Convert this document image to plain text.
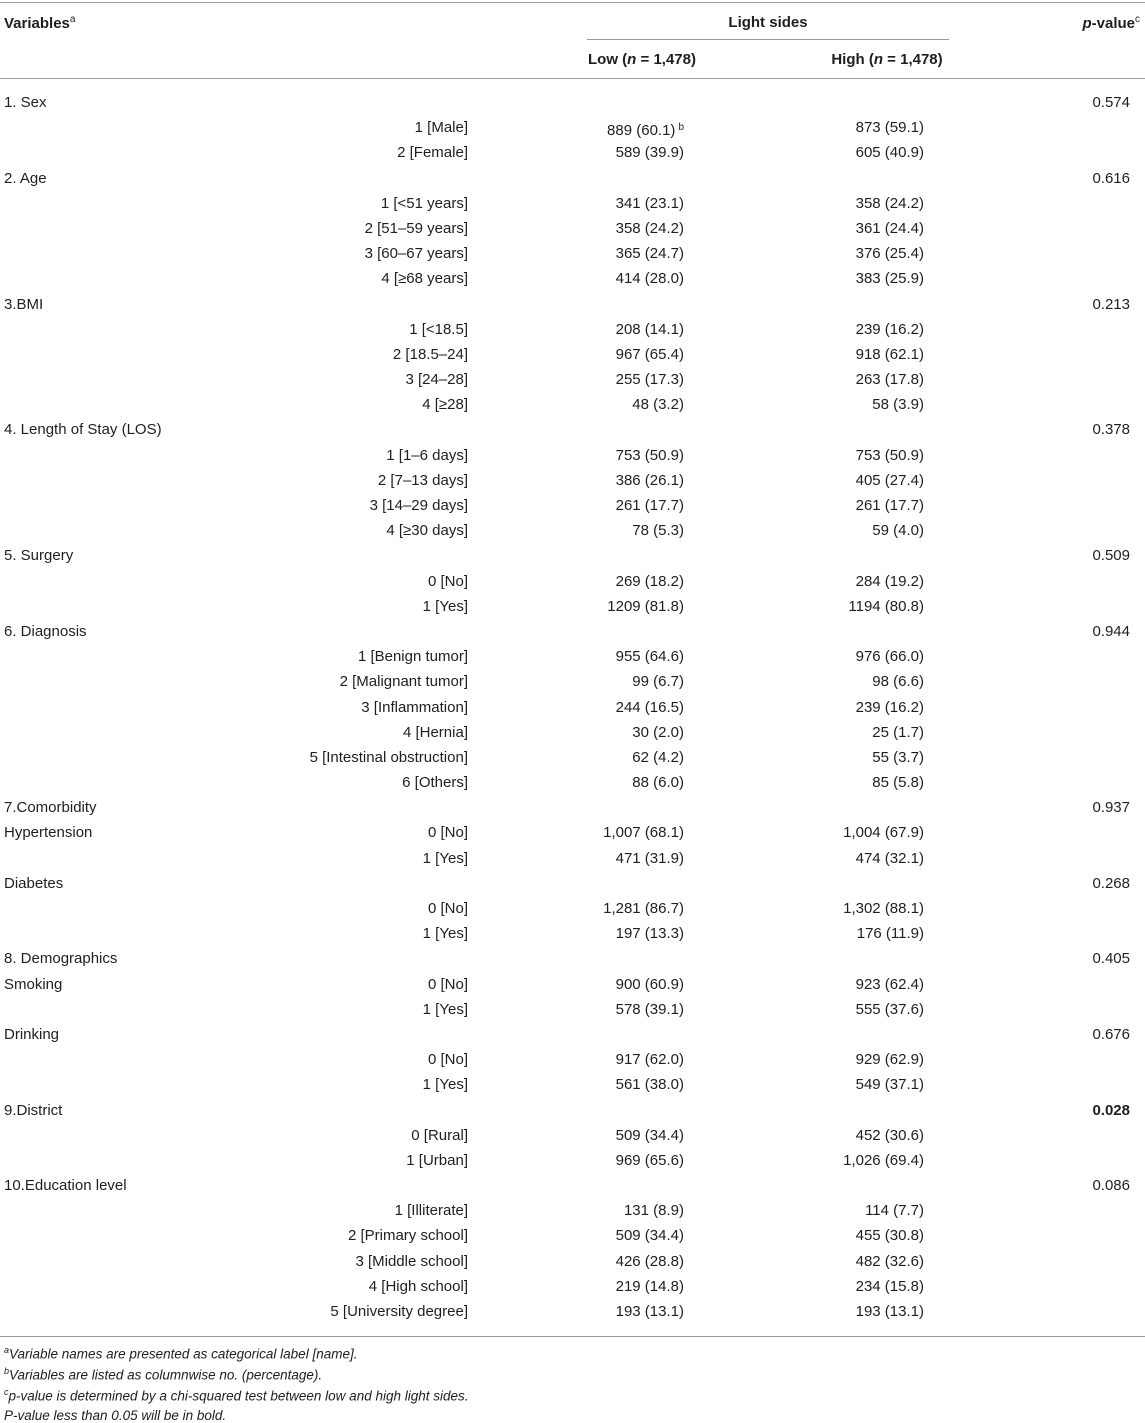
Variables$^a$	Light sides
Low (n = 1,478)	High (n = 1,478)
p-value$^c$
1. Sex	0.574
1 [Male]	889 (60.1) $^b$	873 (59.1)
2 [Female]	589 (39.9)	605 (40.9)
2. Age	0.616
1 [<51 years]	341 (23.1)	358 (24.2)
2 [51–59 years]	358 (24.2)	361 (24.4)
3 [60–67 years]	365 (24.7)	376 (25.4)
4 [≥68 years]	414 (28.0)	383 (25.9)
3.BMI	0.213
1 [<18.5]	208 (14.1)	239 (16.2)
2 [18.5–24]	967 (65.4)	918 (62.1)
3 [24–28]	255 (17.3)	263 (17.8)
4 [≥28]	48 (3.2)	58 (3.9)
4. Length of Stay (LOS)	0.378
1 [1–6 days]	753 (50.9)	753 (50.9)
2 [7–13 days]	386 (26.1)	405 (27.4)
3 [14–29 days]	261 (17.7)	261 (17.7)
4 [≥30 days]	78 (5.3)	59 (4.0)
5. Surgery	0.509
0 [No]	269 (18.2)	284 (19.2)
1 [Yes]	1209 (81.8)	1194 (80.8)
6. Diagnosis	0.944
1 [Benign tumor]	955 (64.6)	976 (66.0)
2 [Malignant tumor]	99 (6.7)	98 (6.6)
3 [Inflammation]	244 (16.5)	239 (16.2)
4 [Hernia]	30 (2.0)	25 (1.7)
5 [Intestinal obstruction]	62 (4.2)	55 (3.7)
6 [Others]	88 (6.0)	85 (5.8)
7.Comorbidity	0.937
Hypertension	0 [No]	1,007 (68.1)	1,004 (67.9)
1 [Yes]	471 (31.9)	474 (32.1)
Diabetes	0.268
0 [No]	1,281 (86.7)	1,302 (88.1)
1 [Yes]	197 (13.3)	176 (11.9)
8. Demographics	0.405
Smoking	0 [No]	900 (60.9)	923 (62.4)
1 [Yes]	578 (39.1)	555 (37.6)
Drinking	0.676
0 [No]	917 (62.0)	929 (62.9)
1 [Yes]	561 (38.0)	549 (37.1)
9.District	0.028
0 [Rural]	509 (34.4)	452 (30.6)
1 [Urban]	969 (65.6)	1,026 (69.4)
10.Education level	0.086
1 [Illiterate]	131 (8.9)	114 (7.7)
2 [Primary school]	509 (34.4)	455 (30.8)
3 [Middle school]	426 (28.8)	482 (32.6)
4 [High school]	219 (14.8)	234 (15.8)
5 [University degree]	193 (13.1)	193 (13.1)
$^a$Variable names are presented as categorical label [name].
$^b$Variables are listed as columnwise no. (percentage).
$^c$p-value is determined by a chi-squared test between low and high light sides.
P-value less than 0.05 will be in bold.
